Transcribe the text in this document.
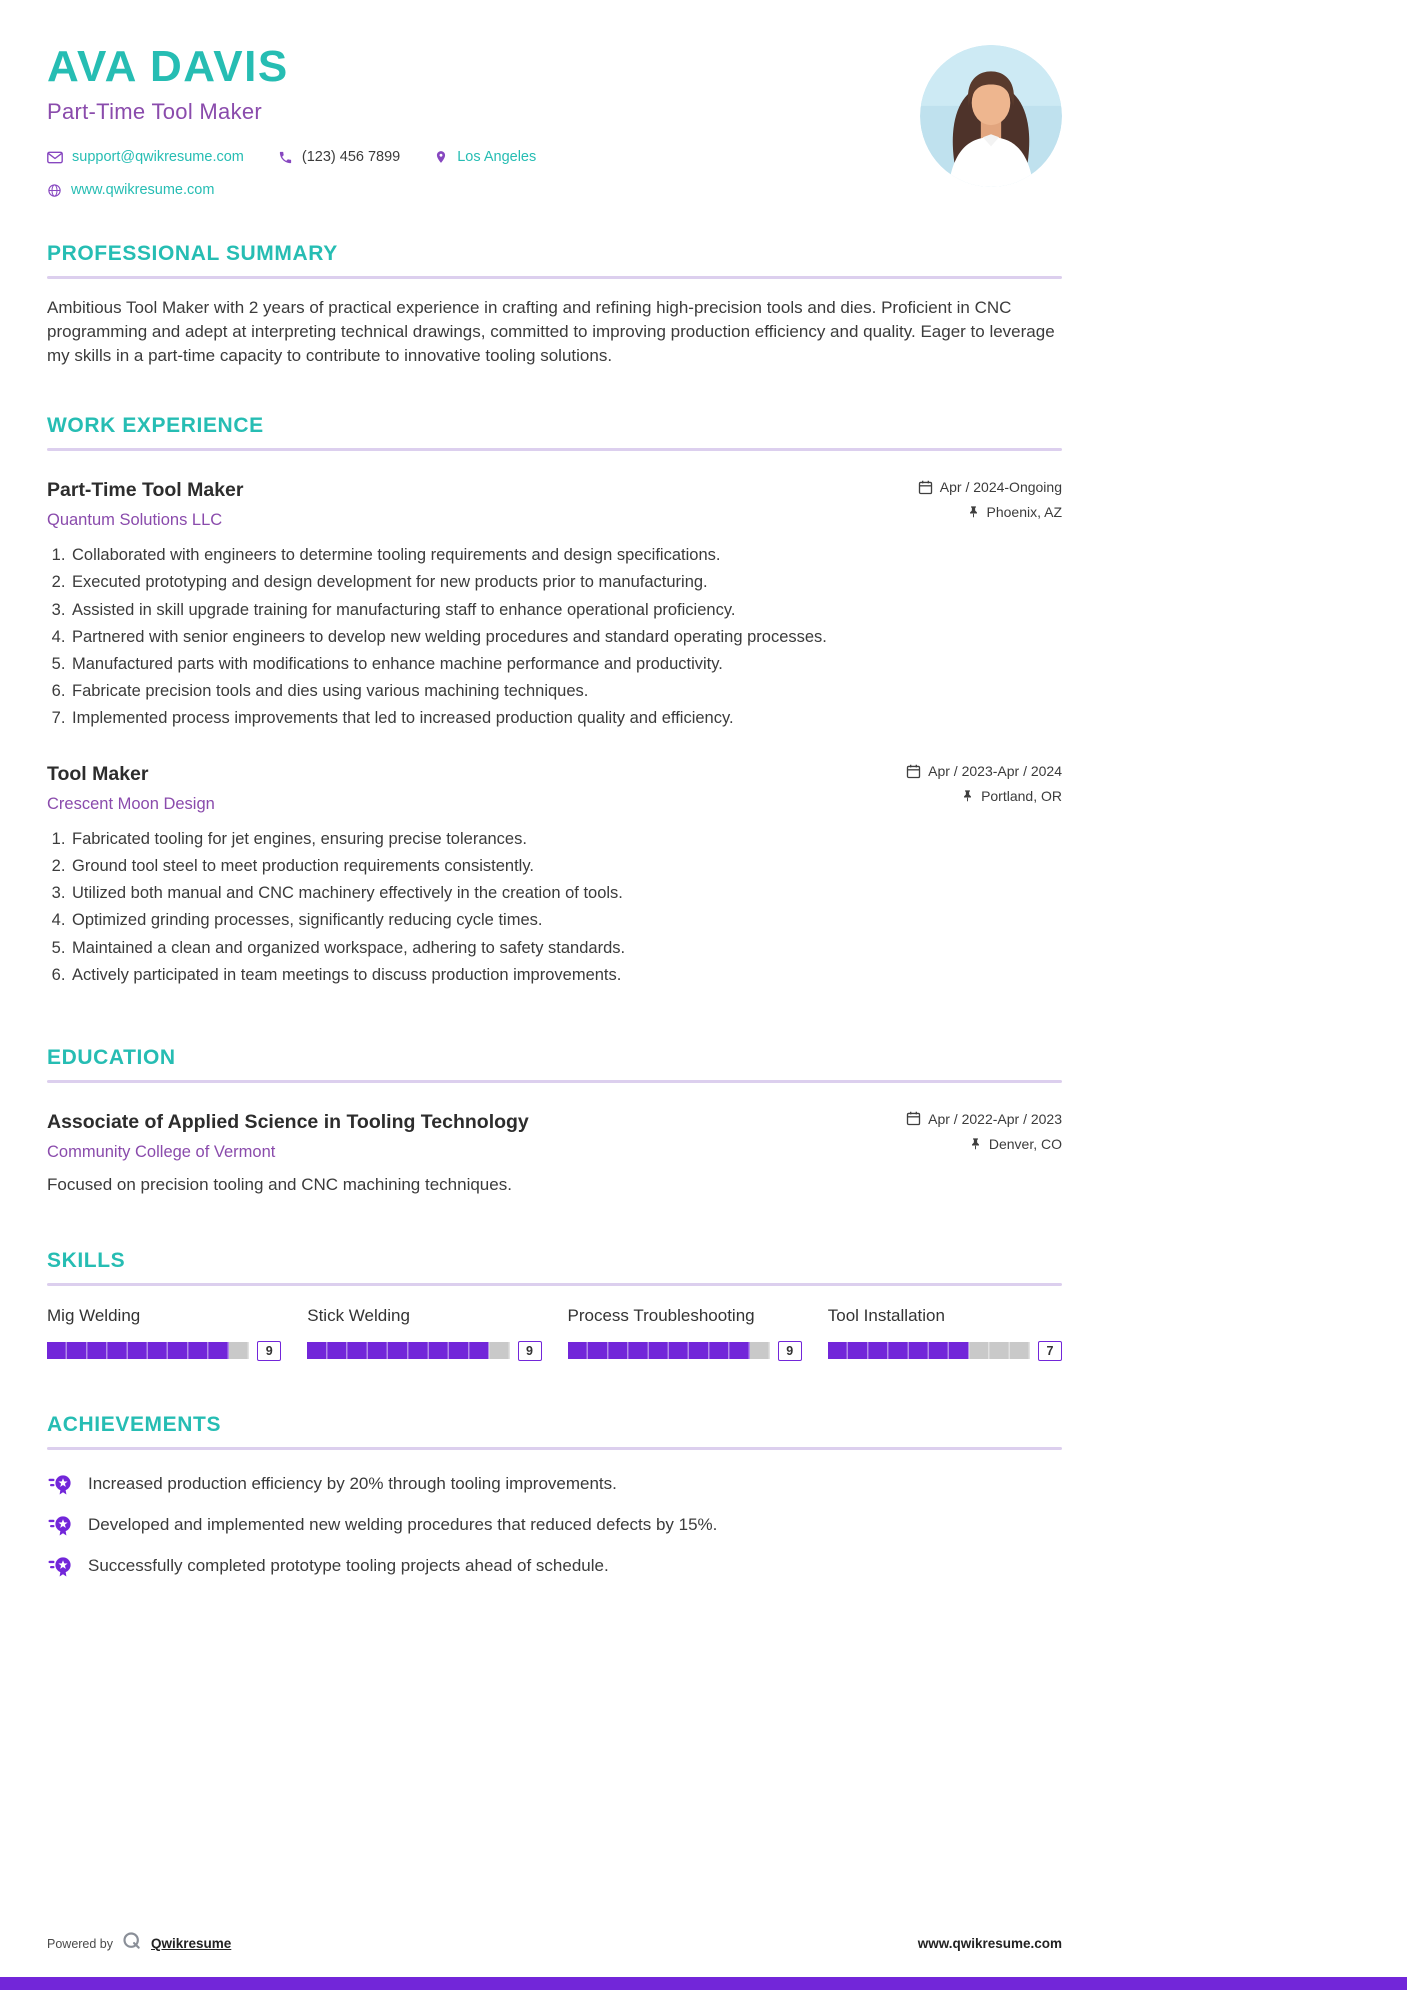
AVA DAVIS
Part-Time Tool Maker
support@qwikresume.com	(123) 456 7899	Los Angeles
www.qwikresume.com
PROFESSIONAL SUMMARY

Ambitious Tool Maker with 2 years of practical experience in crafting and refining high-precision tools and dies. Proficient in CNC programming and adept at interpreting technical drawings, committed to improving production efficiency and quality. Eager to leverage my skills in a part-time capacity to contribute to innovative tooling solutions.

WORK EXPERIENCE
Part-Time Tool Maker
Quantum Solutions LLC
Apr / 2024-Ongoing
Phoenix, AZ
1. Collaborated with engineers to determine tooling requirements and design specifications.
2. Executed prototyping and design development for new products prior to manufacturing.
3. Assisted in skill upgrade training for manufacturing staff to enhance operational proficiency.
4. Partnered with senior engineers to develop new welding procedures and standard operating processes.
5. Manufactured parts with modifications to enhance machine performance and productivity.
6. Fabricate precision tools and dies using various machining techniques.
7. Implemented process improvements that led to increased production quality and efficiency.
Tool Maker
Crescent Moon Design
Apr / 2023-Apr / 2024
Portland, OR
1. Fabricated tooling for jet engines, ensuring precise tolerances.
2. Ground tool steel to meet production requirements consistently.
3. Utilized both manual and CNC machinery effectively in the creation of tools.
4. Optimized grinding processes, significantly reducing cycle times.
5. Maintained a clean and organized workspace, adhering to safety standards.
6. Actively participated in team meetings to discuss production improvements.
EDUCATION
Associate of Applied Science in Tooling Technology
Community College of Vermont
Apr / 2022-Apr / 2023
Denver, CO

Focused on precision tooling and CNC machining techniques.

SKILLS
Mig Welding
9
Stick Welding
9
Process Troubleshooting
9
Tool Installation
7
ACHIEVEMENTS
Increased production efficiency by 20% through tooling improvements.
Developed and implemented new welding procedures that reduced defects by 15%.
Successfully completed prototype tooling projects ahead of schedule.
Powered by	Qwikresume	www.qwikresume.com
